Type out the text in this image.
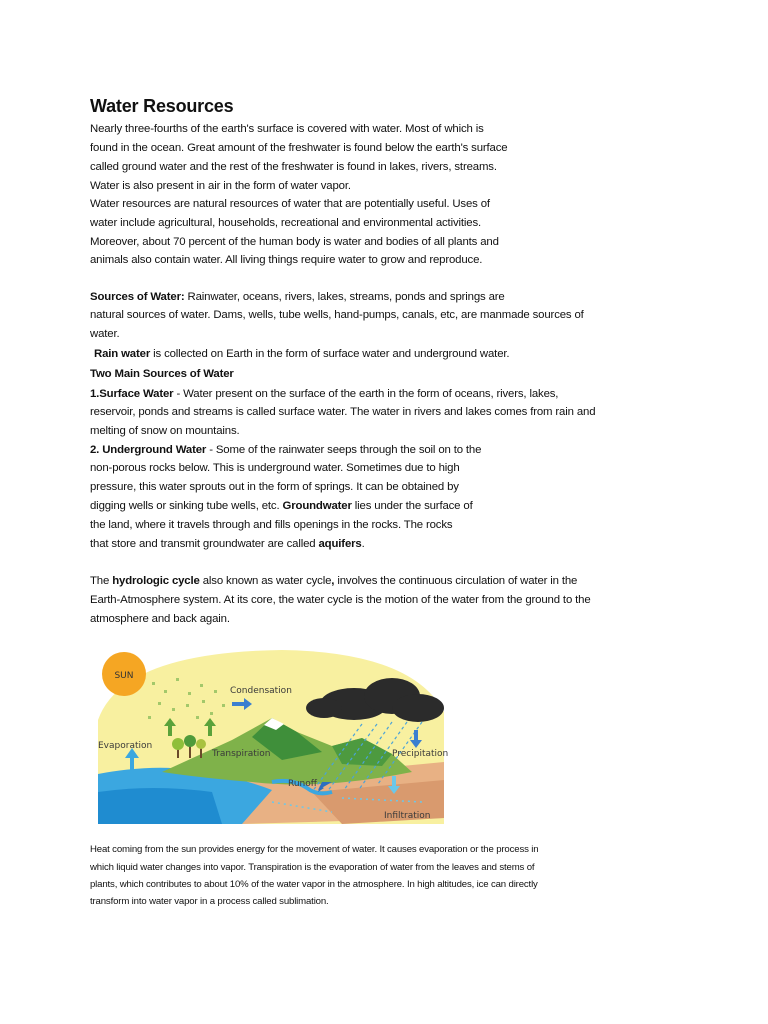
Water Resources

Nearly three-fourths of the earth's surface is covered with water. Most of which is

found in the ocean. Great amount of the freshwater is found below the earth's surface

called ground water and the rest of the freshwater is found in lakes, rivers, streams.

Water is also present in air in the form of water vapor.

Water resources are natural resources of water that are potentially useful. Uses of

water include agricultural, households, recreational and environmental activities.

Moreover, about 70 percent of the human body is water and bodies of all plants and

animals also contain water. All living things require water to grow and reproduce.

Sources of Water: Rainwater, oceans, rivers, lakes, streams, ponds and springs are

natural sources of water. Dams, wells, tube wells, hand-pumps, canals, etc, are manmade sources of

water.

Rain water is collected on Earth in the form of surface water and underground water.

Two Main Sources of Water

1.Surface Water - Water present on the surface of the earth in the form of oceans, rivers, lakes,

reservoir, ponds and streams is called surface water. The water in rivers and lakes comes from rain and

melting of snow on mountains.

2. Underground Water - Some of the rainwater seeps through the soil on to the

non-porous rocks below. This is underground water. Sometimes due to high

pressure, this water sprouts out in the form of springs. It can be obtained by

digging wells or sinking tube wells, etc. Groundwater lies under the surface of

the land, where it travels through and fills openings in the rocks. The rocks

that store and transmit groundwater are called aquifers.

The hydrologic cycle also known as water cycle, involves the continuous circulation of water in the

Earth-Atmosphere system. At its core, the water cycle is the motion of the water from the ground to the

atmosphere and back again.

SUN
Condensation
Evaporation
Transpiration	Precipitation
Runoff
Infiltration

Heat coming from the sun provides energy for the movement of water. It causes evaporation or the process in

which liquid water changes into vapor. Transpiration is the evaporation of water from the leaves and stems of

plants, which contributes to about 10% of the water vapor in the atmosphere. In high altitudes, ice can directly

transform into water vapor in a process called sublimation.
